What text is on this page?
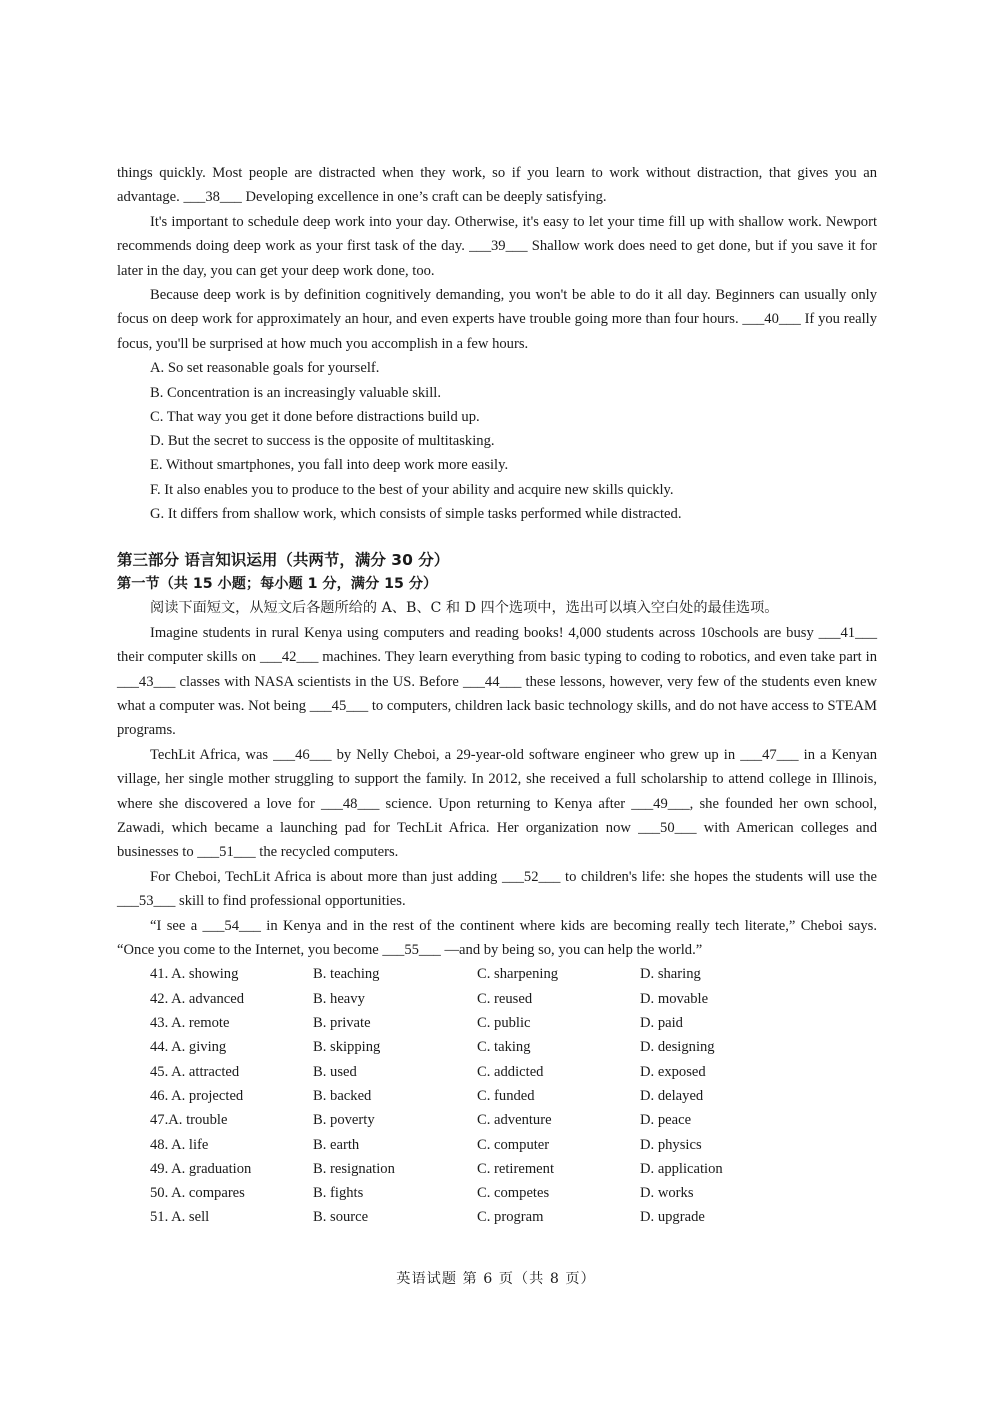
things quickly. Most people are distracted when they work, so if you learn to work without distraction, that gives you an advantage. ___38___ Developing excellence in one’s craft can be deeply satisfying.

It's important to schedule deep work into your day. Otherwise, it's easy to let your time fill up with shallow work. Newport recommends doing deep work as your first task of the day. ___39___ Shallow work does need to get done, but if you save it for later in the day, you can get your deep work done, too.

Because deep work is by definition cognitively demanding, you won't be able to do it all day. Beginners can usually only focus on deep work for approximately an hour, and even experts have trouble going more than four hours. ___40___ If you really focus, you'll be surprised at how much you accomplish in a few hours.

A. So set reasonable goals for yourself.

B. Concentration is an increasingly valuable skill.

C. That way you get it done before distractions build up.

D. But the secret to success is the opposite of multitasking.

E. Without smartphones, you fall into deep work more easily.

F. It also enables you to produce to the best of your ability and acquire new skills quickly.

G. It differs from shallow work, which consists of simple tasks performed while distracted.

第三部分 语言知识运用（共两节，满分 30 分）

第一节（共 15 小题；每小题 1 分，满分 15 分）

阅读下面短文，从短文后各题所给的 A、B、C 和 D 四个选项中，选出可以填入空白处的最佳选项。

Imagine students in rural Kenya using computers and reading books! 4,000 students across 10schools are busy ___41___ their computer skills on ___42___ machines. They learn everything from basic typing to coding to robotics, and even take part in ___43___ classes with NASA scientists in the US. Before ___44___ these lessons, however, very few of the students even knew what a computer was. Not being ___45___ to computers, children lack basic technology skills, and do not have access to STEAM programs.

TechLit Africa, was ___46___ by Nelly Cheboi, a 29-year-old software engineer who grew up in ___47___ in a Kenyan village, her single mother struggling to support the family. In 2012, she received a full scholarship to attend college in Illinois, where she discovered a love for ___48___ science. Upon returning to Kenya after ___49___, she founded her own school, Zawadi, which became a launching pad for TechLit Africa. Her organization now ___50___ with American colleges and businesses to ___51___ the recycled computers.

For Cheboi, TechLit Africa is about more than just adding ___52___ to children's life: she hopes the students will use the ___53___ skill to find professional opportunities.

“I see a ___54___ in Kenya and in the rest of the continent where kids are becoming really tech literate,” Cheboi says. “Once you come to the Internet, you become ___55___ —and by being so, you can help the world.”

41. A. showing	B. teaching	C. sharpening	D. sharing
42. A. advanced	B. heavy	C. reused	D. movable
43. A. remote	B. private	C. public	D. paid
44. A. giving	B. skipping	C. taking	D. designing
45. A. attracted	B. used	C. addicted	D. exposed
46. A. projected	B. backed	C. funded	D. delayed
47.A. trouble	B. poverty	C. adventure	D. peace
48. A. life	B. earth	C. computer	D. physics
49. A. graduation	B. resignation	C. retirement	D. application
50. A. compares	B. fights	C. competes	D. works
51. A. sell	B. source	C. program	D. upgrade
英语试题 第 6 页（共 8 页）
